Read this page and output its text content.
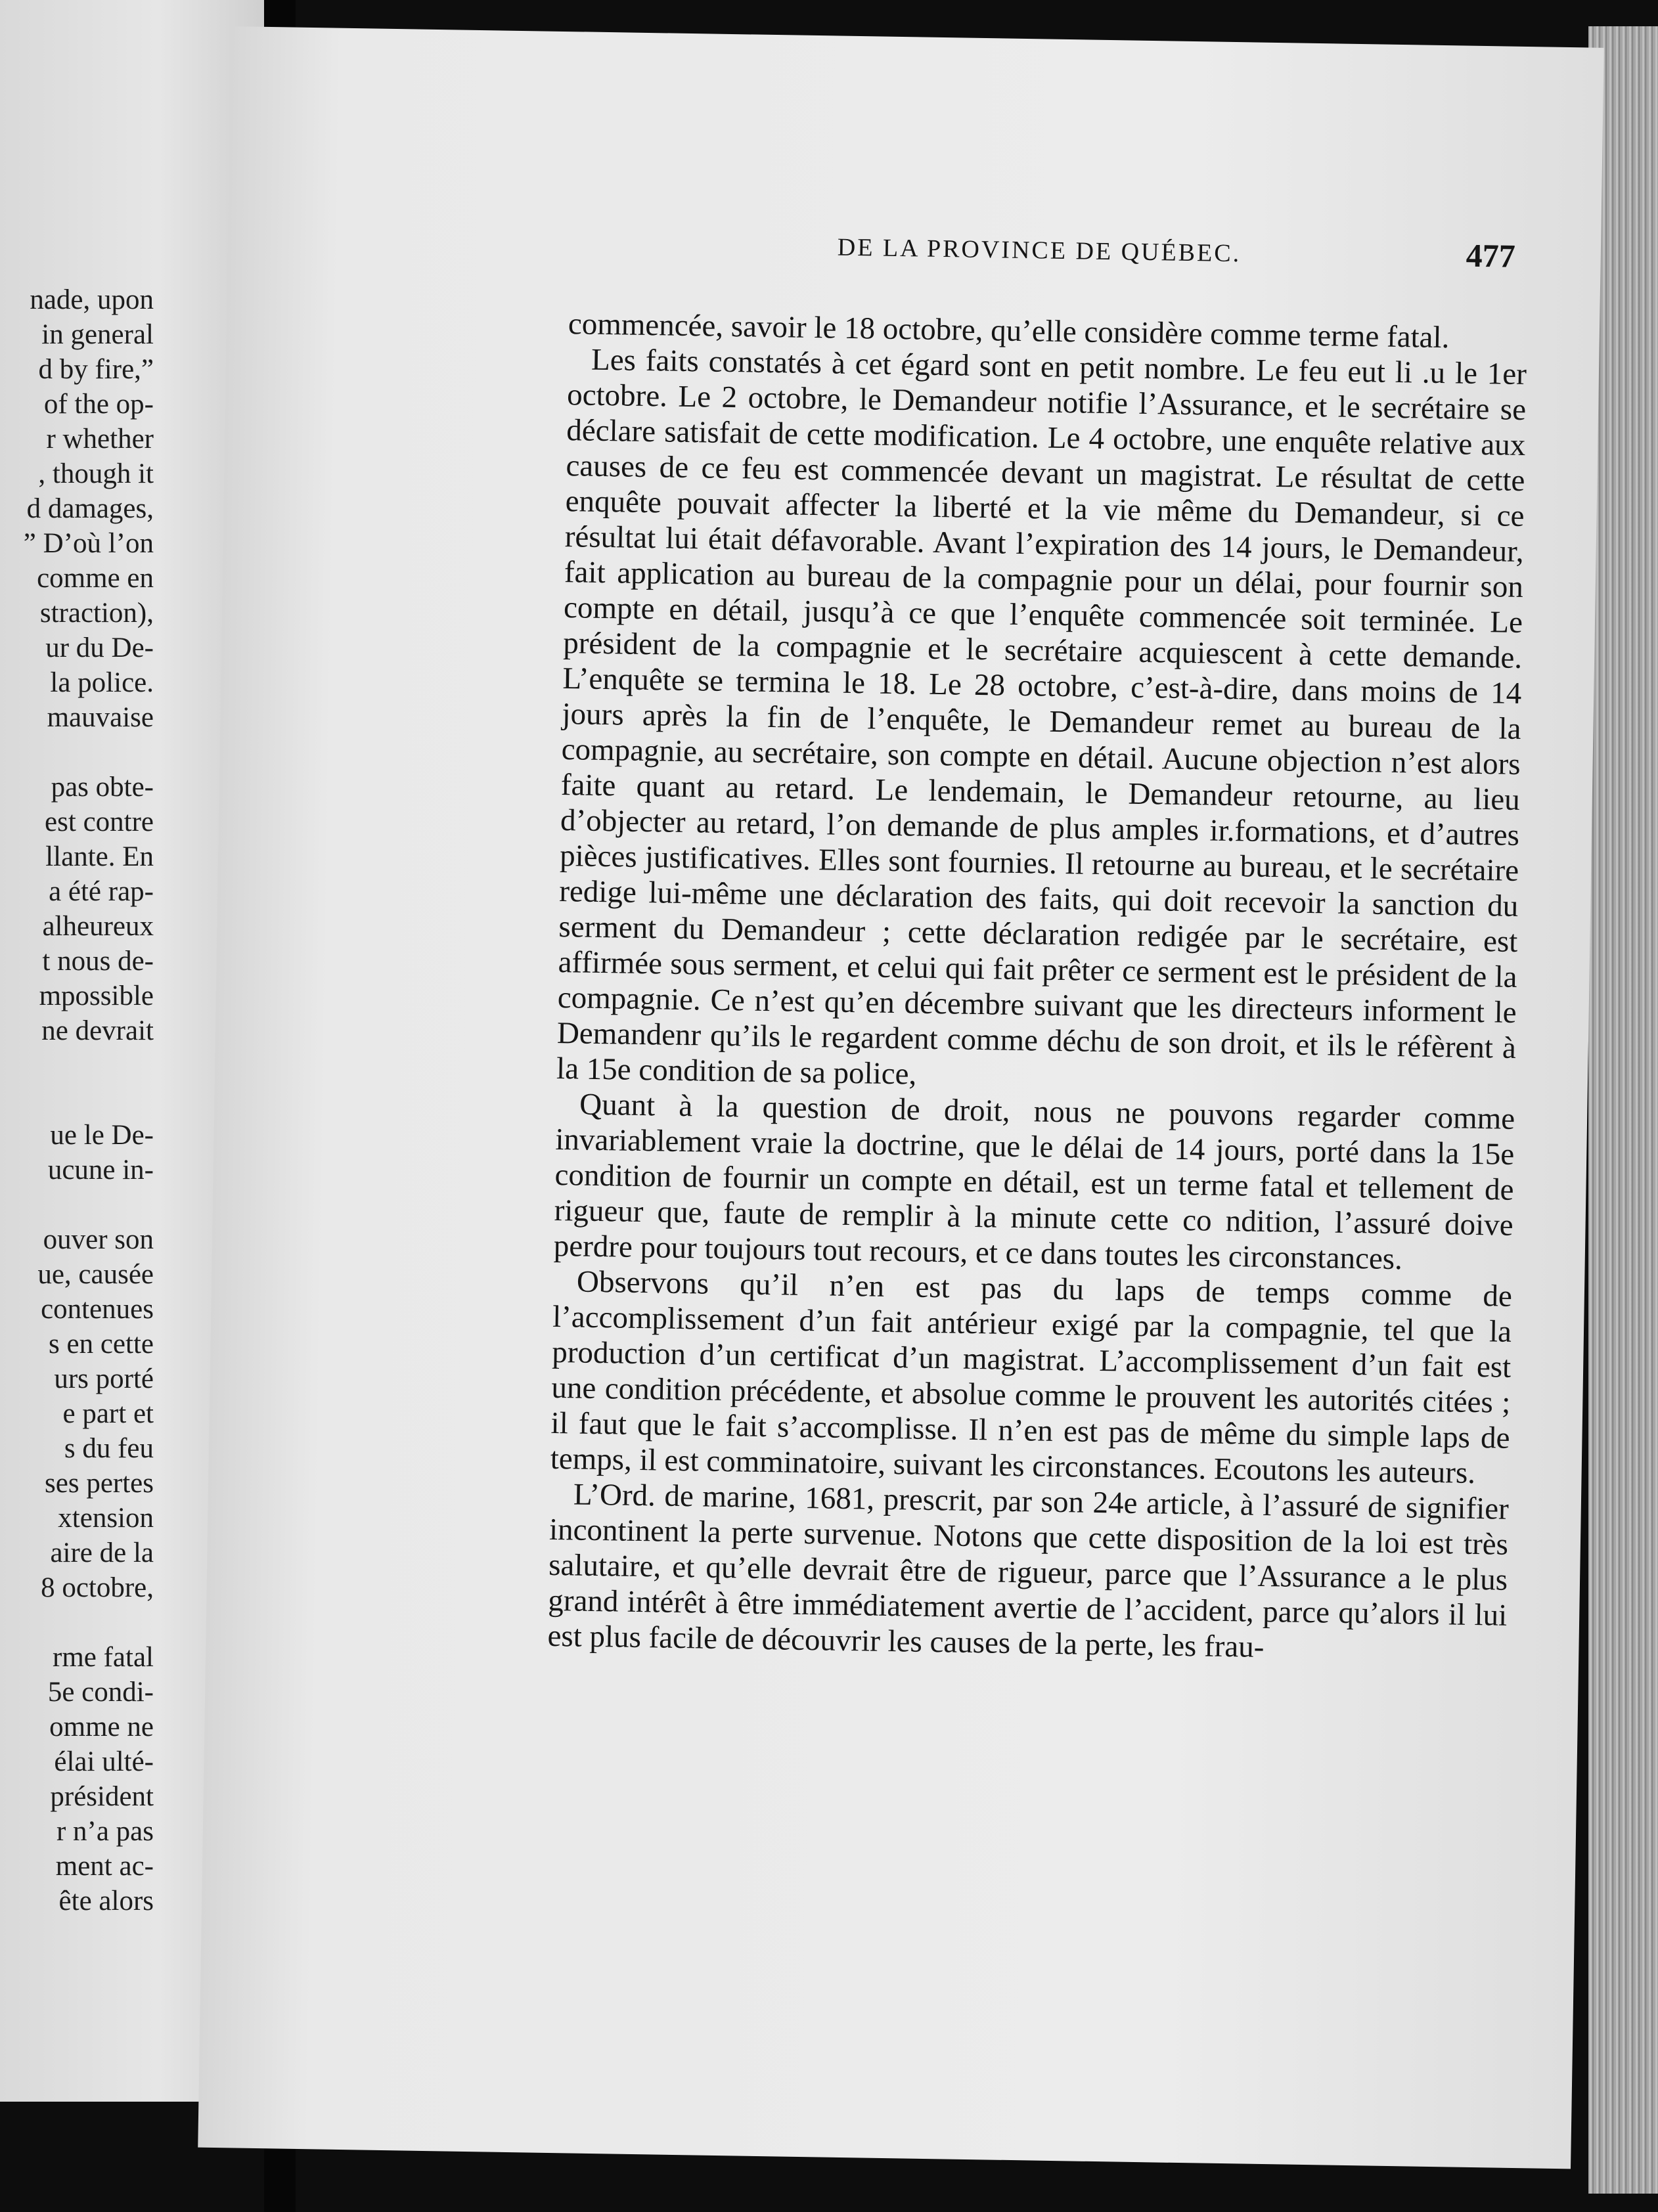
nade, upon
in general
d by fire,”
of the op-
r whether
, though it
d damages,
” D’où l’on
comme en
straction),
ur du De-
la police.
mauvaise

pas obte-
est contre
llante. En
a été rap-
alheureux
t nous de-
mpossible
ne devrait

ue le De-
ucune in-

ouver son
ue, causée
contenues
s en cette
urs porté
e part et
s du feu
ses pertes
xtension
aire de la
8 octobre,

rme fatal
5e condi-
omme ne
élai ulté-
président
r n’a pas
ment ac-
ête alors
DE LA PROVINCE DE QUÉBEC.	477

commencée, savoir le 18 octobre, qu’elle considère comme terme fatal.

Les faits constatés à cet égard sont en petit nombre. Le feu eut li .u le 1er octobre. Le 2 octobre, le Demandeur notifie l’Assurance, et le secrétaire se déclare satisfait de cette modification. Le 4 octobre, une enquête relative aux causes de ce feu est commencée devant un magistrat. Le résultat de cette enquête pouvait affecter la liberté et la vie même du Demandeur, si ce résultat lui était défavorable. Avant l’expiration des 14 jours, le Demandeur, fait application au bureau de la compagnie pour un délai, pour fournir son compte en détail, jusqu’à ce que l’enquête commencée soit terminée. Le président de la compagnie et le secrétaire acquiescent à cette demande. L’enquête se termina le 18. Le 28 octobre, c’est-à-dire, dans moins de 14 jours après la fin de l’enquête, le Demandeur remet au bureau de la compagnie, au secrétaire, son compte en détail. Aucune objection n’est alors faite quant au retard. Le lendemain, le Demandeur retourne, au lieu d’objecter au retard, l’on demande de plus amples ir.formations, et d’autres pièces justificatives. Elles sont fournies. Il retourne au bureau, et le secrétaire redige lui-même une déclaration des faits, qui doit recevoir la sanction du serment du Demandeur ; cette déclaration redigée par le secrétaire, est affirmée sous serment, et celui qui fait prêter ce serment est le président de la compagnie. Ce n’est qu’en décembre suivant que les directeurs informent le Demandenr qu’ils le regardent comme déchu de son droit, et ils le réfèrent à la 15e condition de sa police,

Quant à la question de droit, nous ne pouvons regarder comme invariablement vraie la doctrine, que le délai de 14 jours, porté dans la 15e condition de fournir un compte en détail, est un terme fatal et tellement de rigueur que, faute de remplir à la minute cette co ndition, l’assuré doive perdre pour toujours tout recours, et ce dans toutes les circonstances.

Observons qu’il n’en est pas du laps de temps comme de l’accomplissement d’un fait antérieur exigé par la compagnie, tel que la production d’un certificat d’un magistrat. L’accomplissement d’un fait est une condition précédente, et absolue comme le prouvent les autorités citées ; il faut que le fait s’accomplisse. Il n’en est pas de même du simple laps de temps, il est comminatoire, suivant les circonstances. Ecoutons les auteurs.

L’Ord. de marine, 1681, prescrit, par son 24e article, à l’assuré de signifier incontinent la perte survenue. Notons que cette disposition de la loi est très salutaire, et qu’elle devrait être de rigueur, parce que l’Assurance a le plus grand intérêt à être immédiatement avertie de l’accident, parce qu’alors il lui est plus facile de découvrir les causes de la perte, les frau-
